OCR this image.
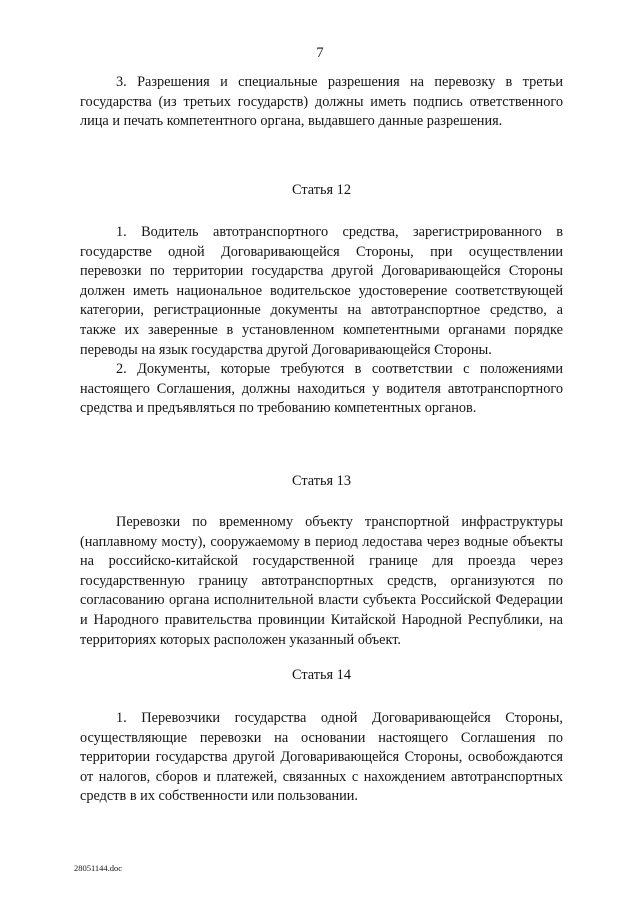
7

3. Разрешения и специальные разрешения на перевозку в третьи государства (из третьих государств) должны иметь подпись ответственного лица и печать компетентного органа, выдавшего данные разрешения.

Статья 12

1. Водитель автотранспортного средства, зарегистрированного в государстве одной Договаривающейся Стороны, при осуществлении перевозки по территории государства другой Договаривающейся Стороны должен иметь национальное водительское удостоверение соответствующей категории, регистрационные документы на автотранспортное средство, а также их заверенные в установленном компетентными органами порядке переводы на язык государства другой Договаривающейся Стороны.

2. Документы, которые требуются в соответствии с положениями настоящего Соглашения, должны находиться у водителя автотранспортного средства и предъявляться по требованию компетентных органов.

Статья 13

Перевозки по временному объекту транспортной инфраструктуры (наплавному мосту), сооружаемому в период ледостава через водные объекты на российско-китайской государственной границе для проезда через государственную границу автотранспортных средств, организуются по согласованию органа исполнительной власти субъекта Российской Федерации и Народного правительства провинции Китайской Народной Республики, на территориях которых расположен указанный объект.

Статья 14

1. Перевозчики государства одной Договаривающейся Стороны, осуществляющие перевозки на основании настоящего Соглашения по территории государства другой Договаривающейся Стороны, освобождаются от налогов, сборов и платежей, связанных с нахождением автотранспортных средств в их собственности или пользовании.

28051144.doc
